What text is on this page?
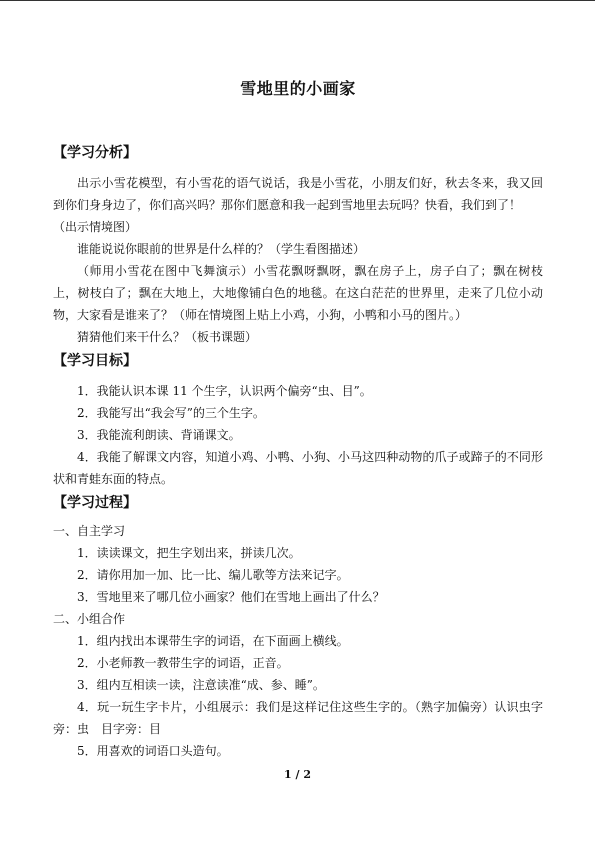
雪地里的小画家
【学习分析】
出示小雪花模型，有小雪花的语气说话，我是小雪花，小朋友们好，秋去冬来，我又回到你们身身边了，你们高兴吗？那你们愿意和我一起到雪地里去玩吗？快看，我们到了！
（出示情境图）
谁能说说你眼前的世界是什么样的？（学生看图描述）
（师用小雪花在图中飞舞演示）小雪花飘呀飘呀，飘在房子上，房子白了；飘在树枝上，树枝白了；飘在大地上，大地像铺白色的地毯。在这白茫茫的世界里，走来了几位小动物，大家看是谁来了？（师在情境图上贴上小鸡，小狗，小鸭和小马的图片。）
猜猜他们来干什么？（板书课题）
【学习目标】
1．我能认识本课 11 个生字，认识两个偏旁“虫、目”。
2．我能写出“我会写”的三个生字。
3．我能流利朗读、背诵课文。
4．我能了解课文内容，知道小鸡、小鸭、小狗、小马这四种动物的爪子或蹄子的不同形状和青蛙东面的特点。
【学习过程】
一、自主学习
1．读读课文，把生字划出来，拼读几次。
2．请你用加一加、比一比、编儿歌等方法来记字。
3．雪地里来了哪几位小画家？他们在雪地上画出了什么？
二、小组合作
1．组内找出本课带生字的词语，在下面画上横线。
2．小老师教一教带生字的词语，正音。
3．组内互相读一读，注意读准“成、参、睡”。
4．玩一玩生字卡片，小组展示：我们是这样记住这些生字的。（熟字加偏旁）认识虫字旁：虫　目字旁：目
5．用喜欢的词语口头造句。
1 / 2
